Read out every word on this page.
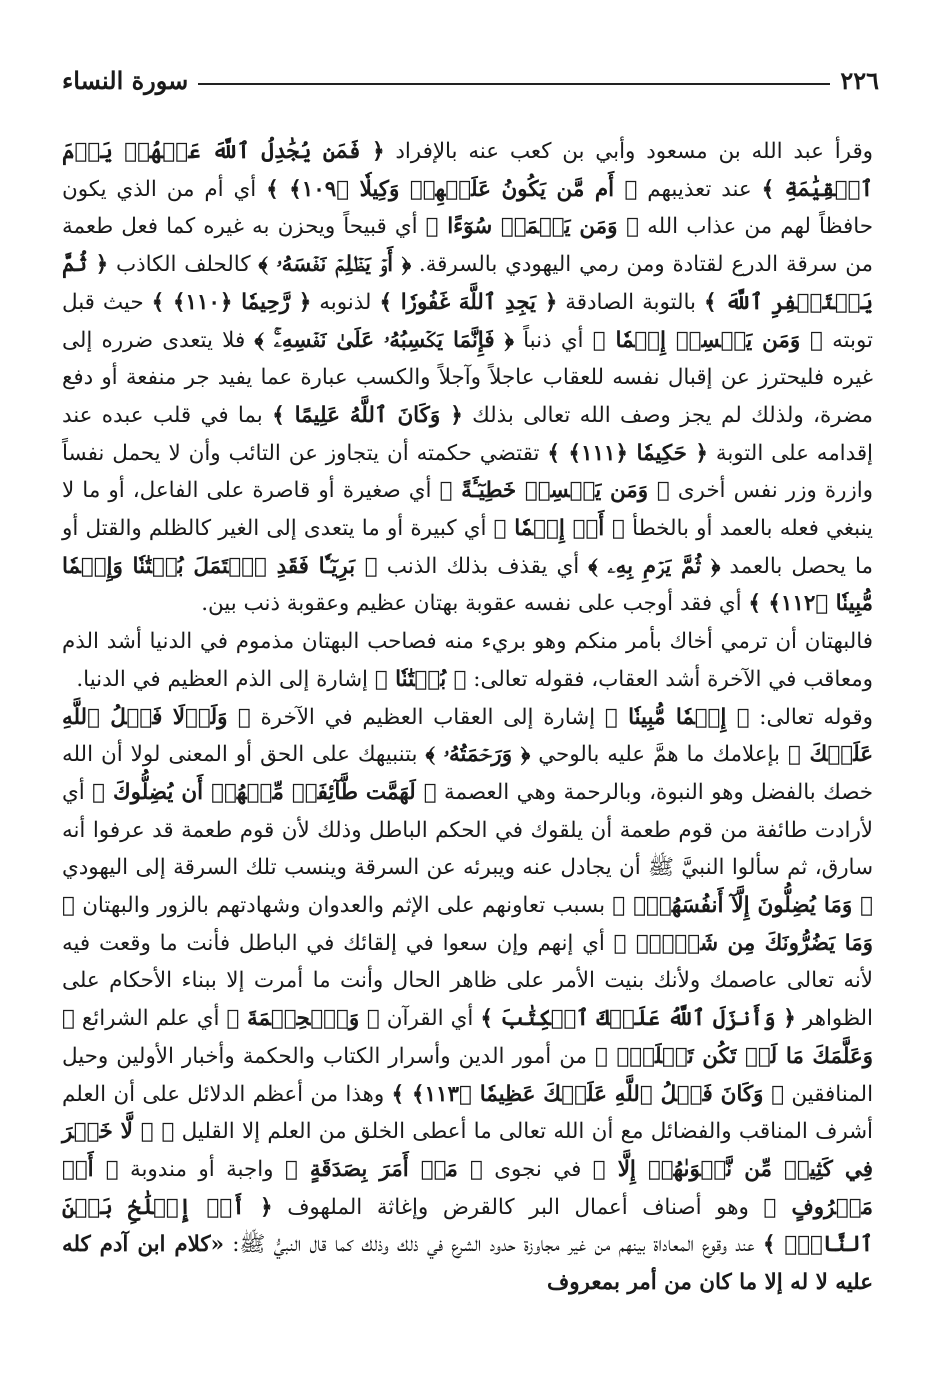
٢٢٦
سورة النساء

وقرأ عبد الله بن مسعود وأبي بن كعب عنه بالإفراد ﴿ فَمَن يُجَٰدِلُ ٱللَّهَ عَنۡهُمۡ يَوۡمَ ٱلۡقِيَٰمَةِ ﴾ عند تعذيبهم ﴿ أَم مَّن يَكُونُ عَلَيۡهِمۡ وَكِيلٗا ﴿١٠٩﴾ ﴾ أي أم من الذي يكون حافظاً لهم من عذاب الله ﴿ وَمَن يَعۡمَلۡ سُوٓءًا ﴾ أي قبيحاً ويحزن به غيره كما فعل طعمة من سرقة الدرع لقتادة ومن رمي اليهودي بالسرقة. ﴿ أَوۡ يَظۡلِمۡ نَفۡسَهُۥ ﴾ كالحلف الكاذب ﴿ ثُمَّ يَسۡتَغۡفِرِ ٱللَّهَ ﴾ بالتوبة الصادقة ﴿ يَجِدِ ٱللَّهَ غَفُورٗا ﴾ لذنوبه ﴿ رَّحِيمٗا ﴿١١٠﴾ ﴾ حيث قبل توبته ﴿ وَمَن يَكۡسِبۡ إِثۡمٗا ﴾ أي ذنباً ﴿ فَإِنَّمَا يَكۡسِبُهُۥ عَلَىٰ نَفۡسِهِۦۚ ﴾ فلا يتعدى ضرره إلى غيره فليحترز عن إقبال نفسه للعقاب عاجلاً وآجلاً والكسب عبارة عما يفيد جر منفعة أو دفع مضرة، ولذلك لم يجز وصف الله تعالى بذلك ﴿ وَكَانَ ٱللَّهُ عَلِيمًا ﴾ بما في قلب عبده عند إقدامه على التوبة ﴿ حَكِيمٗا ﴿١١١﴾ ﴾ تقتضي حكمته أن يتجاوز عن التائب وأن لا يحمل نفساً وازرة وزر نفس أخرى ﴿ وَمَن يَكۡسِبۡ خَطِيٓـَٔةً ﴾ أي صغيرة أو قاصرة على الفاعل، أو ما لا ينبغي فعله بالعمد أو بالخطأ ﴿ أَوۡ إِثۡمٗا ﴾ أي كبيرة أو ما يتعدى إلى الغير كالظلم والقتل أو ما يحصل بالعمد ﴿ ثُمَّ يَرۡمِ بِهِۦ ﴾ أي يقذف بذلك الذنب ﴿ بَرِيٓـٔٗا فَقَدِ ٱحۡتَمَلَ بُهۡتَٰنٗا وَإِثۡمٗا مُّبِينٗا ﴿١١٢﴾ ﴾ أي فقد أوجب على نفسه عقوبة بهتان عظيم وعقوبة ذنب بين.

فالبهتان أن ترمي أخاك بأمر منكم وهو بريء منه فصاحب البهتان مذموم في الدنيا أشد الذم ومعاقب في الآخرة أشد العقاب، فقوله تعالى: ﴿ بُهۡتَٰنٗا ﴾ إشارة إلى الذم العظيم في الدنيا.

وقوله تعالى: ﴿ إِثۡمٗا مُّبِينٗا ﴾ إشارة إلى العقاب العظيم في الآخرة ﴿ وَلَوۡلَا فَضۡلُ ٱللَّهِ عَلَيۡكَ ﴾ بإعلامك ما همَّ عليه بالوحي ﴿ وَرَحۡمَتُهُۥ ﴾ بتنبيهك على الحق أو المعنى لولا أن الله خصك بالفضل وهو النبوة، وبالرحمة وهي العصمة ﴿ لَهَمَّت طَّآئِفَةٞ مِّنۡهُمۡ أَن يُضِلُّوكَ ﴾ أي لأرادت طائفة من قوم طعمة أن يلقوك في الحكم الباطل وذلك لأن قوم طعمة قد عرفوا أنه سارق، ثم سألوا النبيَّ ﷺ أن يجادل عنه ويبرئه عن السرقة وينسب تلك السرقة إلى اليهودي ﴿ وَمَا يُضِلُّونَ إِلَّآ أَنفُسَهُمۡۖ ﴾ بسبب تعاونهم على الإثم والعدوان وشهادتهم بالزور والبهتان ﴿ وَمَا يَضُرُّونَكَ مِن شَيۡءٖۚ ﴾ أي إنهم وإن سعوا في إلقائك في الباطل فأنت ما وقعت فيه لأنه تعالى عاصمك ولأنك بنيت الأمر على ظاهر الحال وأنت ما أمرت إلا ببناء الأحكام على الظواهر ﴿ وَأَنزَلَ ٱللَّهُ عَلَيۡكَ ٱلۡكِتَٰبَ ﴾ أي القرآن ﴿ وَٱلۡحِكۡمَةَ ﴾ أي علم الشرائع ﴿ وَعَلَّمَكَ مَا لَمۡ تَكُن تَعۡلَمُۚ ﴾ من أمور الدين وأسرار الكتاب والحكمة وأخبار الأولين وحيل المنافقين ﴿ وَكَانَ فَضۡلُ ٱللَّهِ عَلَيۡكَ عَظِيمٗا ﴿١١٣﴾ ﴾ وهذا من أعظم الدلائل على أن العلم أشرف المناقب والفضائل مع أن الله تعالى ما أعطى الخلق من العلم إلا القليل ﴿ ۞ لَّا خَيۡرَ فِي كَثِيرٖ مِّن نَّجۡوَىٰهُمۡ إِلَّا ﴾ في نجوى ﴿ مَنۡ أَمَرَ بِصَدَقَةٍ ﴾ واجبة أو مندوبة ﴿ أَوۡ مَعۡرُوفٍ ﴾ وهو أصناف أعمال البر كالقرض وإغاثة الملهوف ﴿ أَوۡ إِصۡلَٰحِۢ بَيۡنَ ٱلنَّاسِۚ ﴾ عند وقوع المعاداة بينهم من غير مجاوزة حدود الشرع في ذلك وذلك كما قال النبيُّ ﷺ: «كلام ابن آدم كله عليه لا له إلا ما كان من أمر بمعروف
